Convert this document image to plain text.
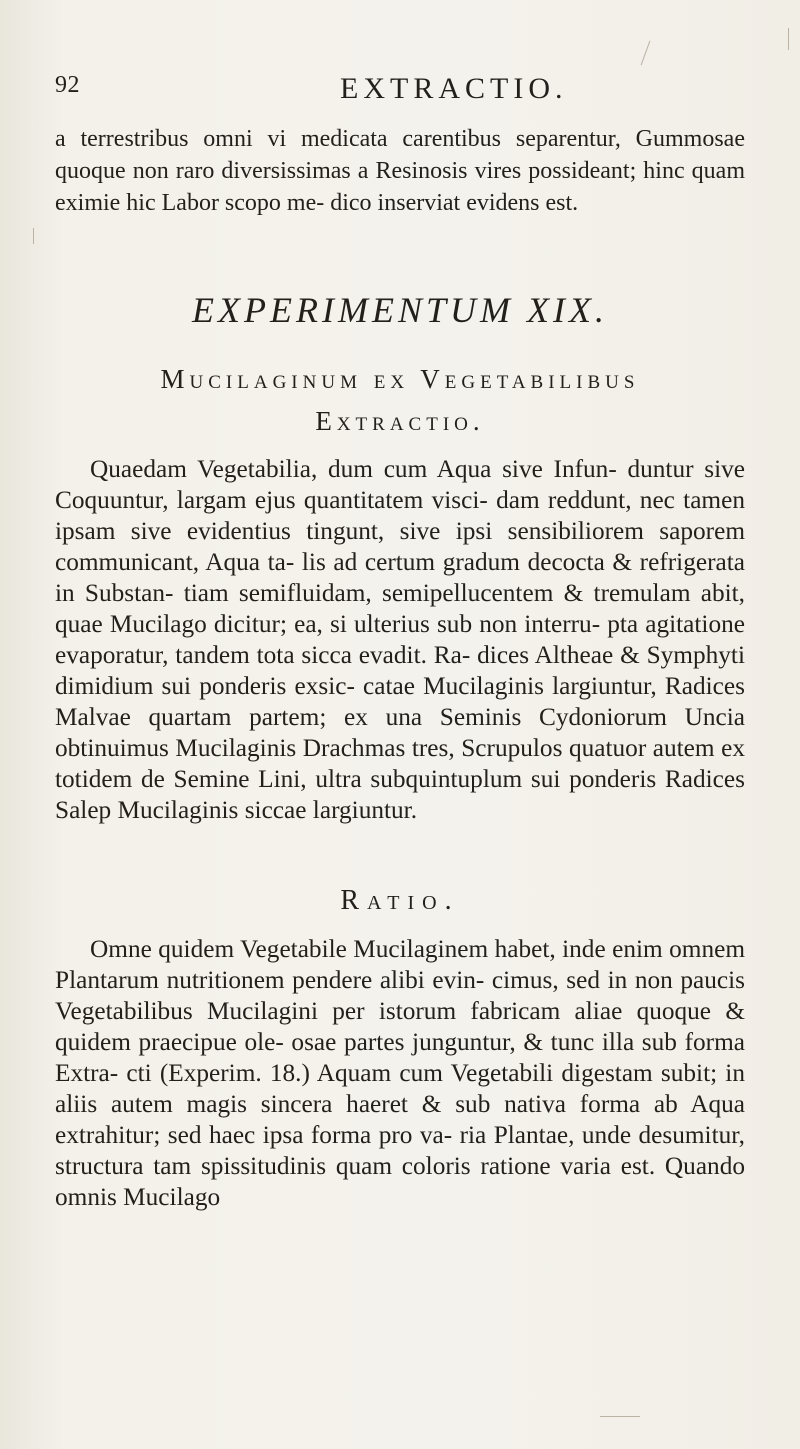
92	EXTRACTIO.

a terrestribus omni vi medicata carentibus separentur, Gummosae quoque non raro diversissimas a Resinosis vires possideant; hinc quam eximie hic Labor scopo me- dico inserviat evidens est.

EXPERIMENTUM XIX.
Mucilaginum ex Vegetabilibus
Extractio.

Quaedam Vegetabilia, dum cum Aqua sive Infun- duntur sive Coquuntur, largam ejus quantitatem visci- dam reddunt, nec tamen ipsam sive evidentius tingunt, sive ipsi sensibiliorem saporem communicant, Aqua ta- lis ad certum gradum decocta & refrigerata in Substan- tiam semifluidam, semipellucentem & tremulam abit, quae Mucilago dicitur; ea, si ulterius sub non interru- pta agitatione evaporatur, tandem tota sicca evadit. Ra- dices Altheae & Symphyti dimidium sui ponderis exsic- catae Mucilaginis largiuntur, Radices Malvae quartam partem; ex una Seminis Cydoniorum Uncia obtinuimus Mucilaginis Drachmas tres, Scrupulos quatuor autem ex totidem de Semine Lini, ultra subquintuplum sui ponderis Radices Salep Mucilaginis siccae largiuntur.

Ratio.

Omne quidem Vegetabile Mucilaginem habet, inde enim omnem Plantarum nutritionem pendere alibi evin- cimus, sed in non paucis Vegetabilibus Mucilagini per istorum fabricam aliae quoque & quidem praecipue ole- osae partes junguntur, & tunc illa sub forma Extra- cti (Experim. 18.) Aquam cum Vegetabili digestam subit; in aliis autem magis sincera haeret & sub nativa forma ab Aqua extrahitur; sed haec ipsa forma pro va- ria Plantae, unde desumitur, structura tam spissitudinis quam coloris ratione varia est. Quando omnis Mucilago
